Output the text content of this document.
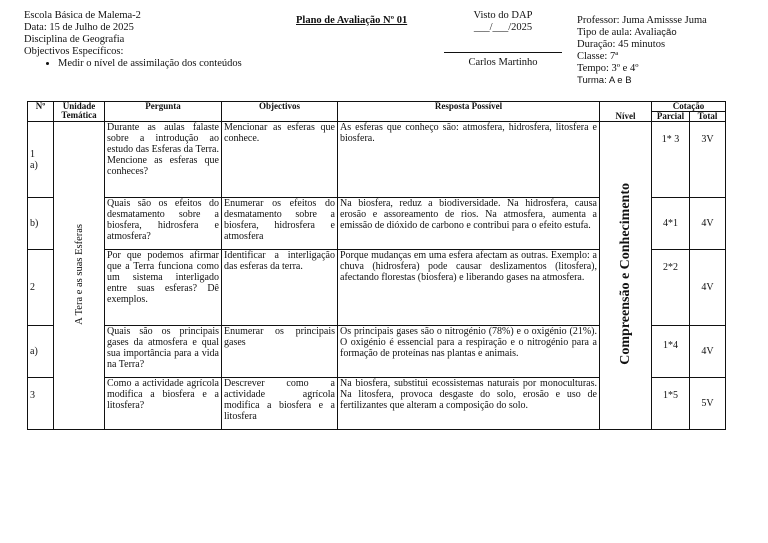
Escola Básica de Malema-2
Data: 15 de Julho de 2025
Disciplina de Geografia
Objectivos Específicos:
• Medir o nível de assimilação dos conteúdos
Plano de Avaliação Nº 01	Visto do DAP
___/___/2025
Carlos Martinho
Professor: Juma Amissse Juma
Tipo de aula: Avaliação
Duração: 45 minutos
Classe: 7ª
Tempo: 3º e 4º
Turma: A e B
Nº	Unidade Temática	Pergunta	Objectivos	Resposta Possível	Nível	Cotação	
						Parcial	Total
1
a)	A Tera e as suas Esferas	Durante as aulas falaste sobre a introdução ao estudo das Esferas da Terra. Mencione as esferas que conheces?	Mencionar as esferas que conhece.	As esferas que conheço são: atmosfera, hidrosfera, litosfera e biosfera.	Compreensão e Conhecimento	1* 3	3V
b)		Quais são os efeitos do desmatamento sobre a biosfera, hidrosfera e atmosfera?	Enumerar os efeitos do desmatamento sobre a biosfera, hidrosfera e atmosfera	Na biosfera, reduz a biodiversidade. Na hidrosfera, causa erosão e assoreamento de rios. Na atmosfera, aumenta a emissão de dióxido de carbono e contribui para o efeito estufa.		4*1	4V
2		Por que podemos afirmar que a Terra funciona como um sistema interligado entre suas esferas? Dê exemplos.	Identificar a interligação das esferas da terra.	Porque mudanças em uma esfera afectam as outras. Exemplo: a chuva (hidrosfera) pode causar deslizamentos (litosfera), afectando florestas (biosfera) e liberando gases na atmosfera.		2*2	4V
a)		Quais são os principais gases da atmosfera e qual sua importância para a vida na Terra?	Enumerar os principais gases	Os principais gases são o nitrogénio (78%) e o oxigénio (21%). O oxigénio é essencial para a respiração e o nitrogénio para a formação de proteínas nas plantas e animais.		1*4	4V
3		Como a actividade agrícola modifica a biosfera e a litosfera?	Descrever como a actividade agrícola modifica a biosfera e a litosfera	Na biosfera, substitui ecossistemas naturais por monoculturas. Na litosfera, provoca desgaste do solo, erosão e uso de fertilizantes que alteram a composição do solo.		1*5	5V
